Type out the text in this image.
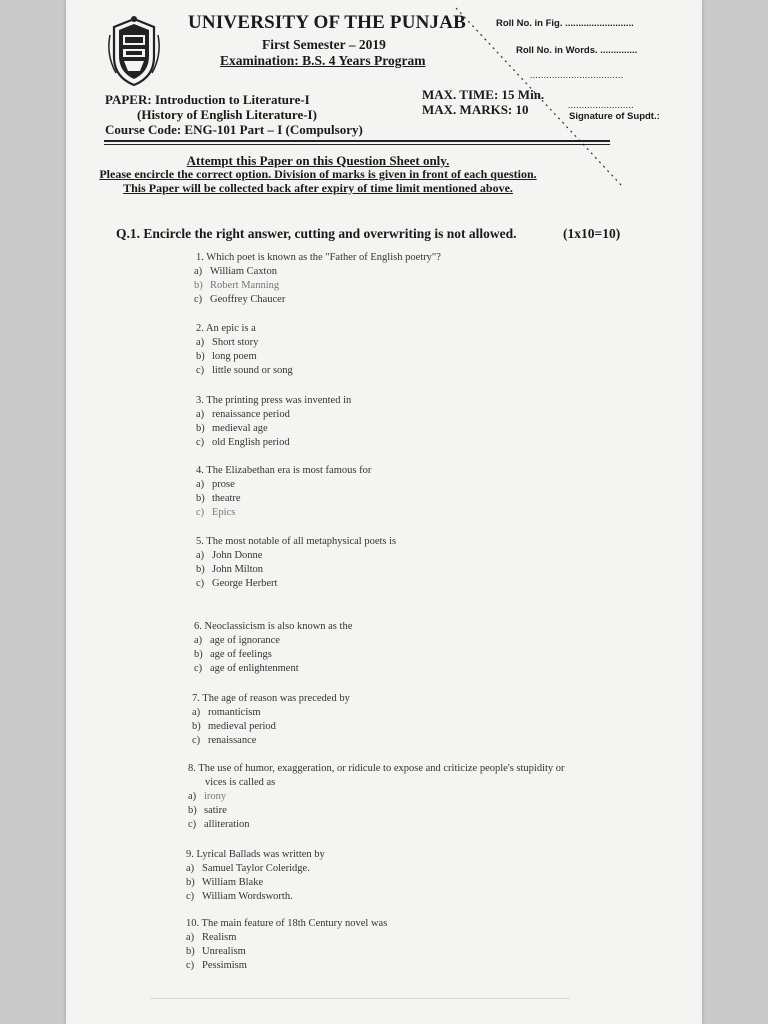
UNIVERSITY OF THE PUNJAB
First Semester – 2019
Examination: B.S. 4 Years Program
Roll No. in Fig. ..........................
Roll No. in Words. ..............
..................................
........................
Signature of Supdt.:
PAPER: Introduction to Literature-I
(History of English Literature-I)
Course Code: ENG-101 Part – I (Compulsory)
MAX. TIME: 15 Min.
MAX. MARKS: 10
Attempt this Paper on this Question Sheet only.
Please encircle the correct option. Division of marks is given in front of each question.
This Paper will be collected back after expiry of time limit mentioned above.
Q.1. Encircle the right answer, cutting and overwriting is not allowed.	(1x10=10)
1. Which poet is known as the "Father of English poetry"?
a) William Caxton
b) Robert Manning
c) Geoffrey Chaucer
2. An epic is a
a) Short story
b) long poem
c) little sound or song
3. The printing press was invented in
a) renaissance period
b) medieval age
c) old English period
4. The Elizabethan era is most famous for
a) prose
b) theatre
c) Epics
5. The most notable of all metaphysical poets is
a) John Donne
b) John Milton
c) George Herbert
6. Neoclassicism is also known as the
a) age of ignorance
b) age of feelings
c) age of enlightenment
7. The age of reason was preceded by
a) romanticism
b) medieval period
c) renaissance
8. The use of humor, exaggeration, or ridicule to expose and criticize people's stupidity or
vices is called as
a) irony
b) satire
c) alliteration
9. Lyrical Ballads was written by
a) Samuel Taylor Coleridge.
b) William Blake
c) William Wordsworth.
10. The main feature of 18th Century novel was
a) Realism
b) Unrealism
c) Pessimism
